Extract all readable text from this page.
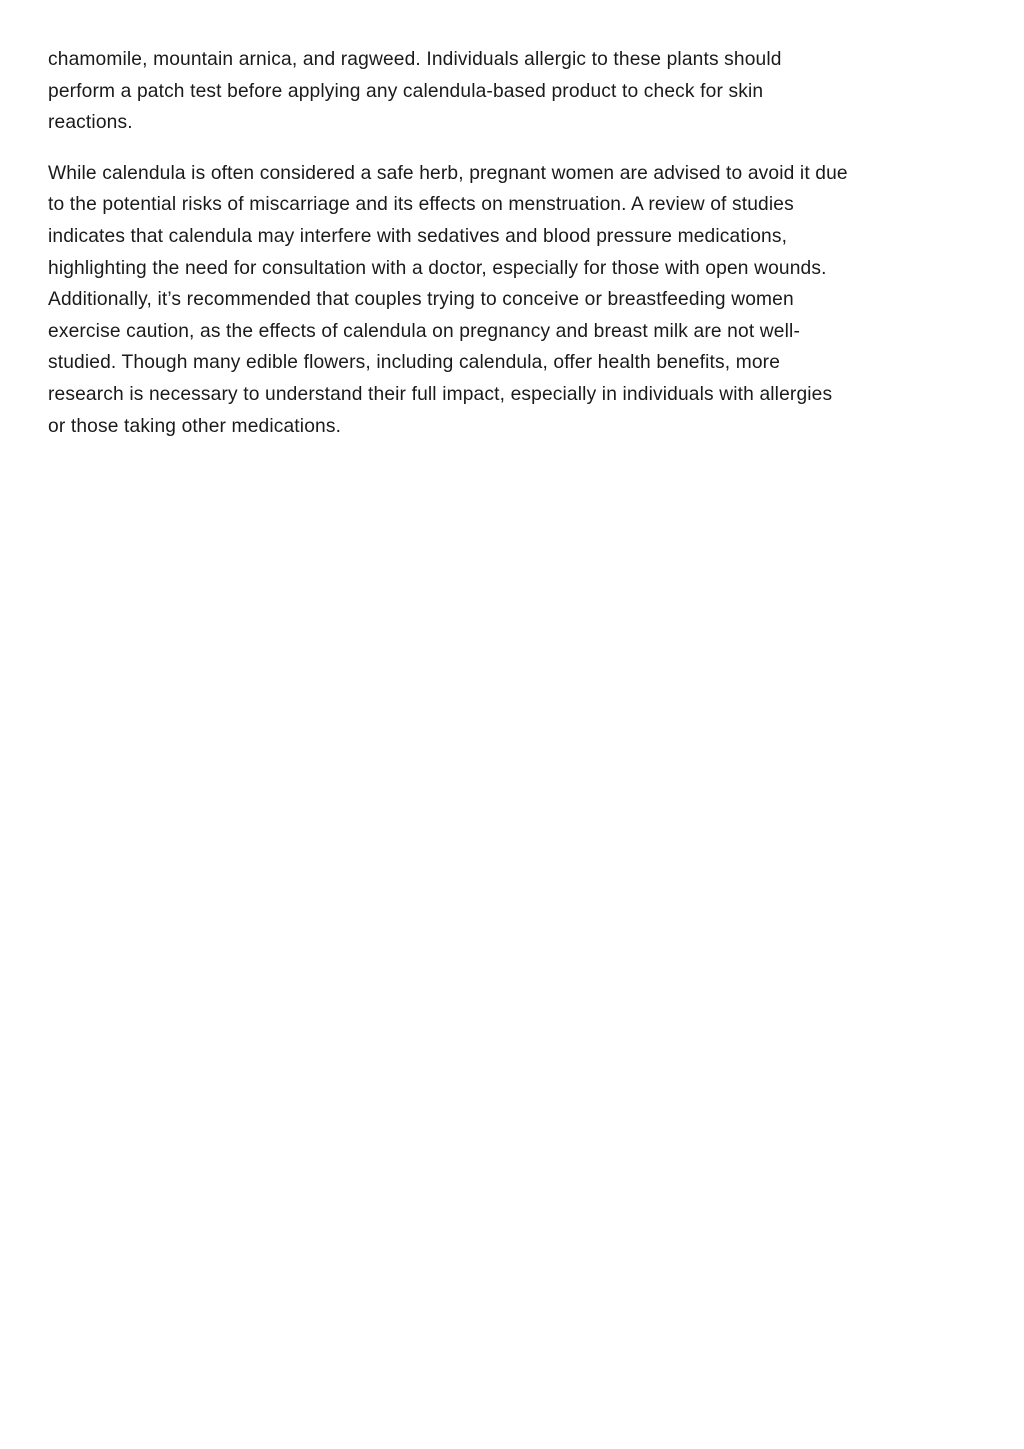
chamomile, mountain arnica, and ragweed. Individuals allergic to these plants should
perform a patch test before applying any calendula-based product to check for skin
reactions.

While calendula is often considered a safe herb, pregnant women are advised to avoid it due
to the potential risks of miscarriage and its effects on menstruation. A review of studies
indicates that calendula may interfere with sedatives and blood pressure medications,
highlighting the need for consultation with a doctor, especially for those with open wounds.
Additionally, it’s recommended that couples trying to conceive or breastfeeding women
exercise caution, as the effects of calendula on pregnancy and breast milk are not well-
studied. Though many edible flowers, including calendula, offer health benefits, more
research is necessary to understand their full impact, especially in individuals with allergies
or those taking other medications.
